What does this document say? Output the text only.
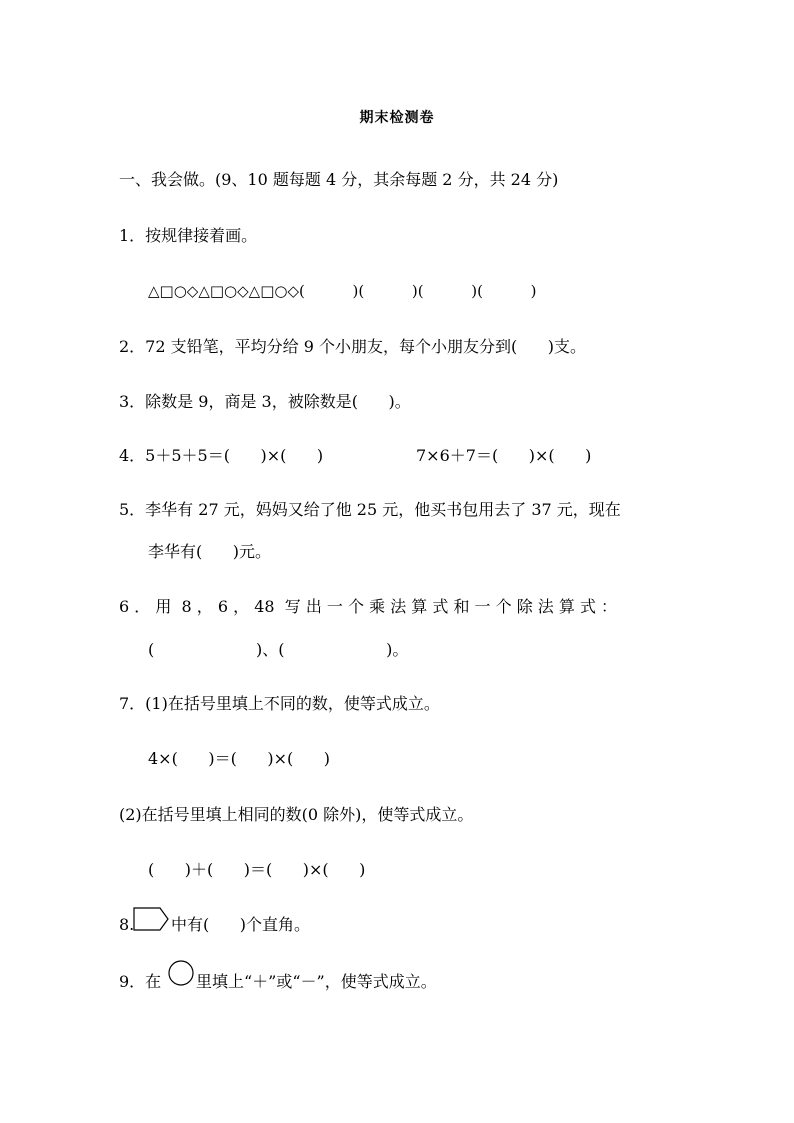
期末检测卷
一、我会做。(9、10 题每题 4 分，其余每题 2 分，共 24 分)
1．按规律接着画。
△□○◇△□○◇△□○◇(          )(          )(          )(          )
2．72 支铅笔，平均分给 9 个小朋友，每个小朋友分到(      )支。
3．除数是 9，商是 3，被除数是(      )。
4．5＋5＋5＝(      )×(      )	7×6＋7＝(      )×(      )
5．李华有 27 元，妈妈又给了他 25 元，他买书包用去了 37 元，现在
李华有(      )元。
6 ． 用  8 ， 6 ， 48  写 出 一 个 乘 法 算 式 和 一 个 除 法 算 式 ：
(                    )、(                    )。
7．(1)在括号里填上不同的数，使等式成立。
4×(      )＝(      )×(      )
(2)在括号里填上相同的数(0 除外)，使等式成立。
(      )＋(      )＝(      )×(      )
8. 中有(      )个直角。
9．在 里填上“＋”或“－”，使等式成立。
